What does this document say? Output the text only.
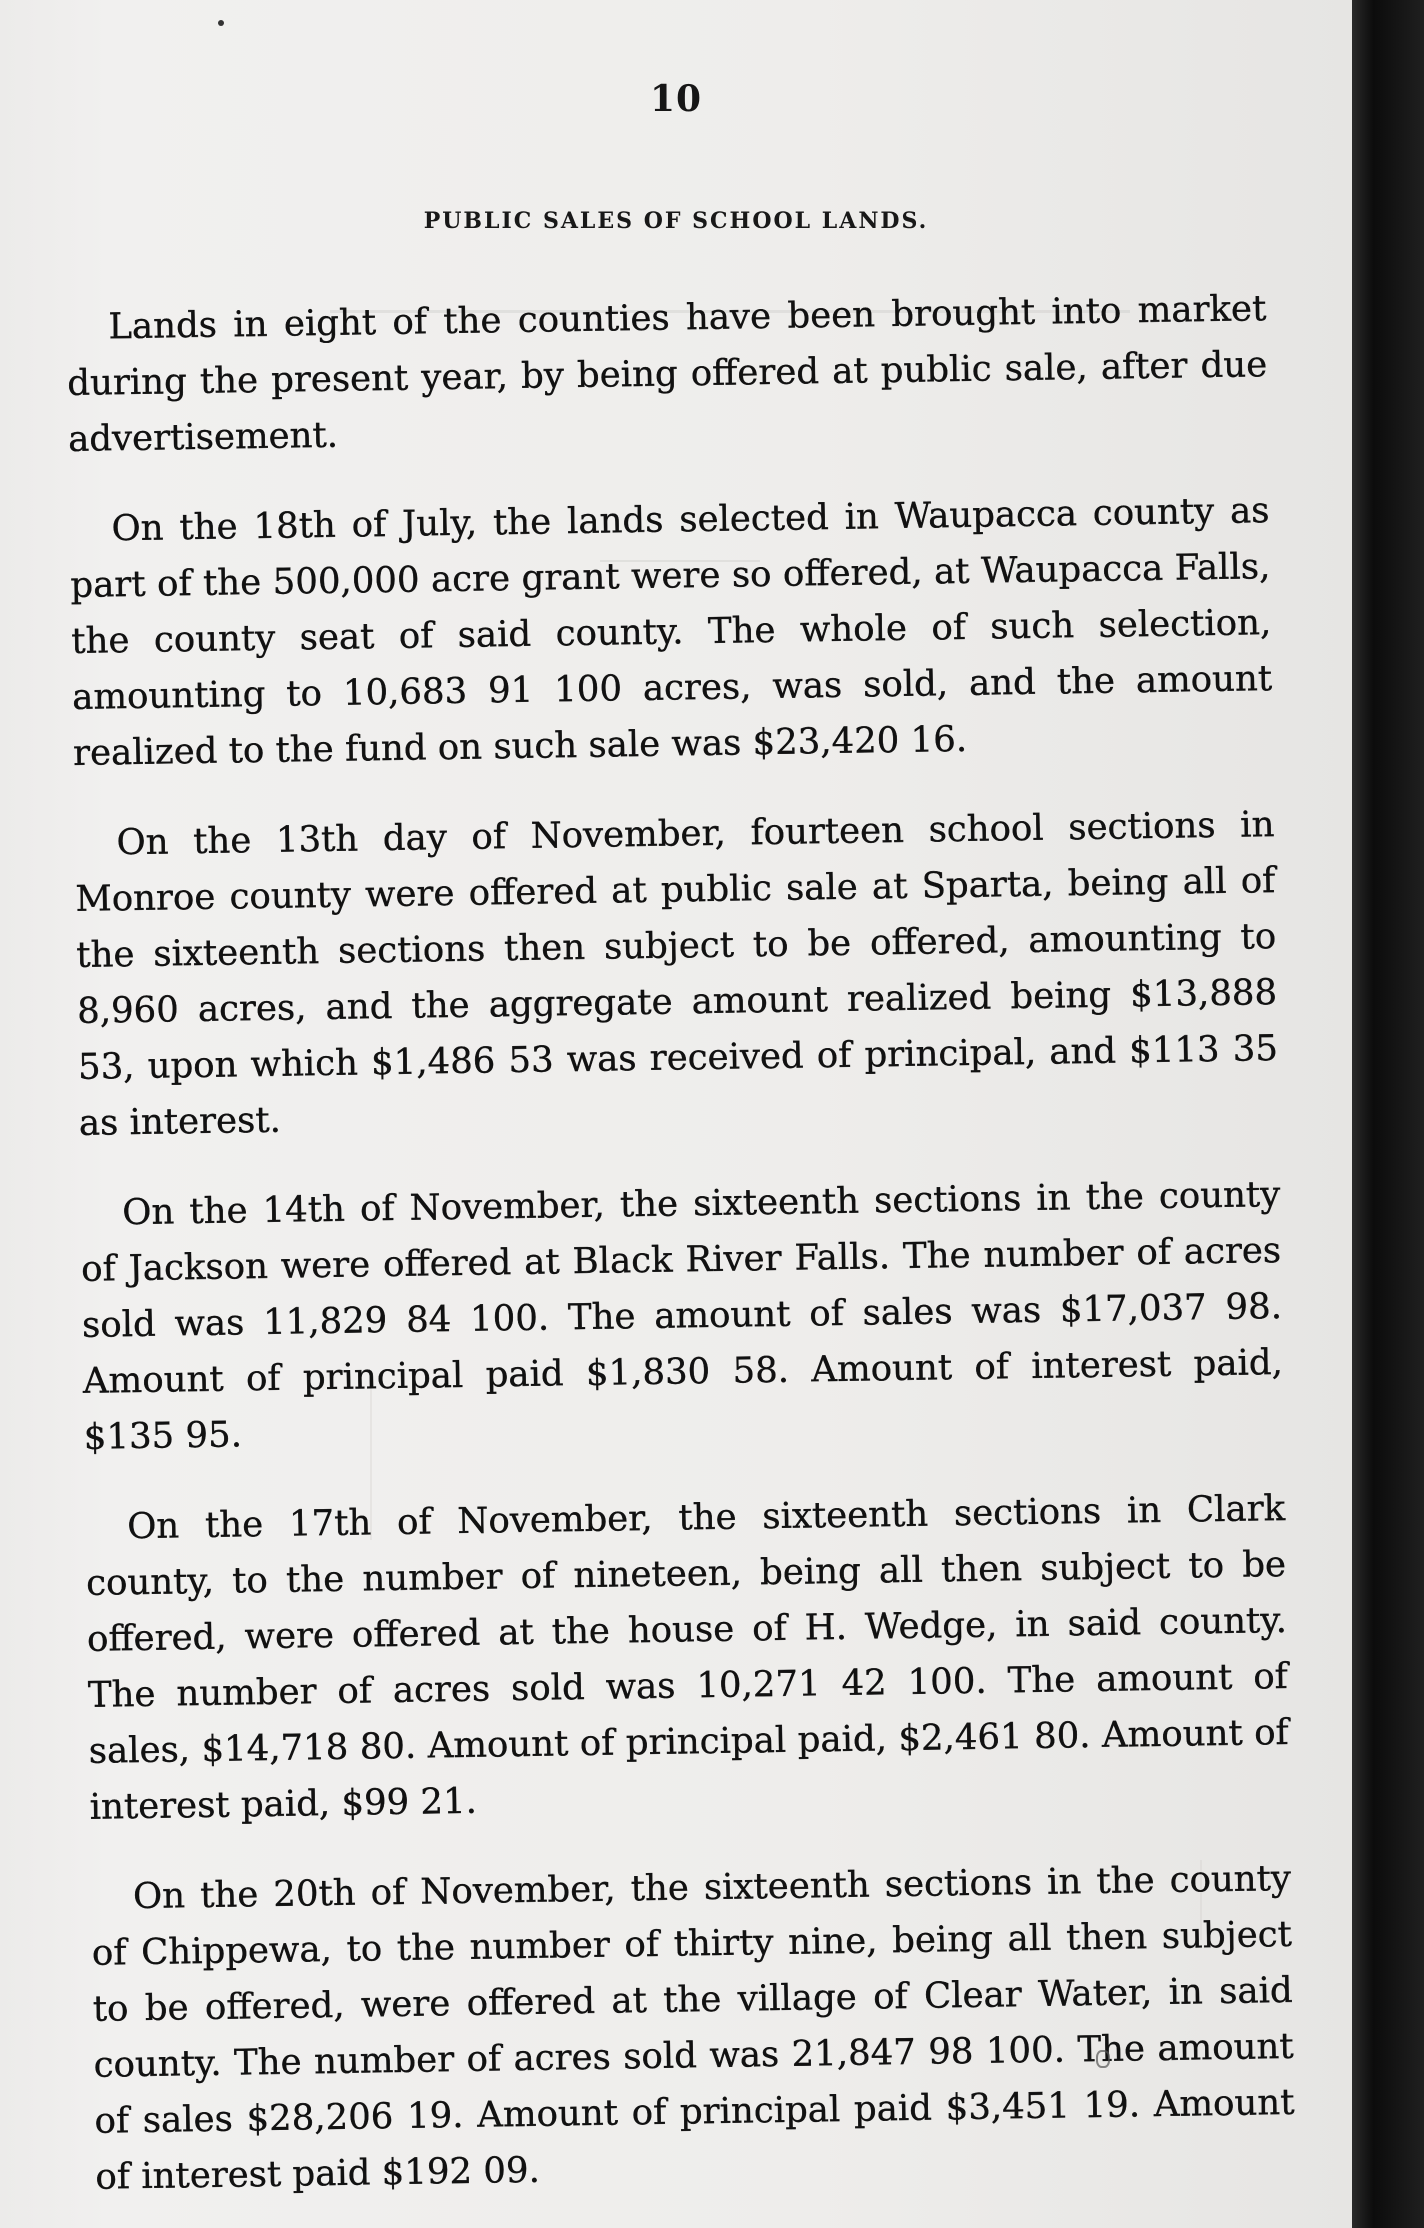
10
PUBLIC SALES OF SCHOOL LANDS.

Lands in eight of the counties have been brought into market during the present year, by being offered at public sale, after due advertisement.

On the 18th of July, the lands selected in Waupacca county as part of the 500,000 acre grant were so offered, at Waupacca Falls, the county seat of said county. The whole of such selection, amounting to 10,683 91 100 acres, was sold, and the amount realized to the fund on such sale was $23,420 16.

On the 13th day of November, fourteen school sections in Monroe county were offered at public sale at Sparta, being all of the sixteenth sections then subject to be offered, amounting to 8,960 acres, and the aggregate amount realized being $13,888 53, upon which $1,486 53 was received of principal, and $113 35 as interest.

On the 14th of November, the sixteenth sections in the county of Jackson were offered at Black River Falls. The number of acres sold was 11,829 84 100. The amount of sales was $17,037 98. Amount of principal paid $1,830 58. Amount of interest paid, $135 95.

On the 17th of November, the sixteenth sections in Clark county, to the number of nineteen, being all then subject to be offered, were offered at the house of H. Wedge, in said county. The number of acres sold was 10,271 42 100. The amount of sales, $14,718 80. Amount of principal paid, $2,461 80. Amount of interest paid, $99 21.

On the 20th of November, the sixteenth sections in the county of Chippewa, to the number of thirty nine, being all then subject to be offered, were offered at the village of Clear Water, in said county. The number of acres sold was 21,847 98 100. The amount of sales $28,206 19. Amount of principal paid $3,451 19. Amount of interest paid $192 09.
